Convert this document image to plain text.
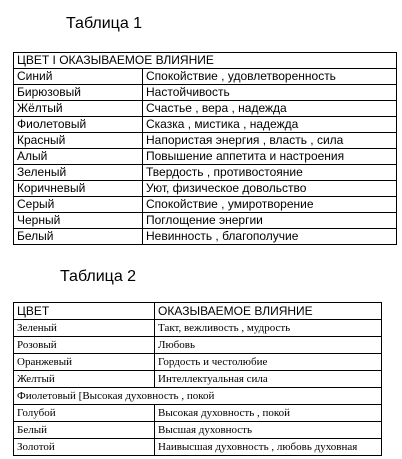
Таблица 1
ЦВЕТ I ОКАЗЫВАЕМОЕ ВЛИЯНИЕ	
Синий	Спокойствие , удовлетворенность
Бирюзовый	Настойчивость
Жёлтый	Счастье , вера , надежда
Фиолетовый	Сказка , мистика , надежда
Красный	Напористая энергия , власть , сила
Алый	Повышение аппетита и настроения
Зеленый	Твердость , противостояние
Коричневый	Уют, физическое довольство
Серый	Спокойствие , умиротворение
Черный	Поглощение энергии
Белый	Невинность , благополучие
Таблица 2
ЦВЕТ	ОКАЗЫВАЕМОЕ ВЛИЯНИЕ
Зеленый	Такт, вежливость , мудрость
Розовый	Любовь
Оранжевый	Гордость и честолюбие
Желтый	Интеллектуальная сила
Фиолетовый [Высокая духовность , покой	
Голубой	Высокая духовность , покой
Белый	Высшая духовность
Золотой	Наивысшая духовность , любовь духовная
